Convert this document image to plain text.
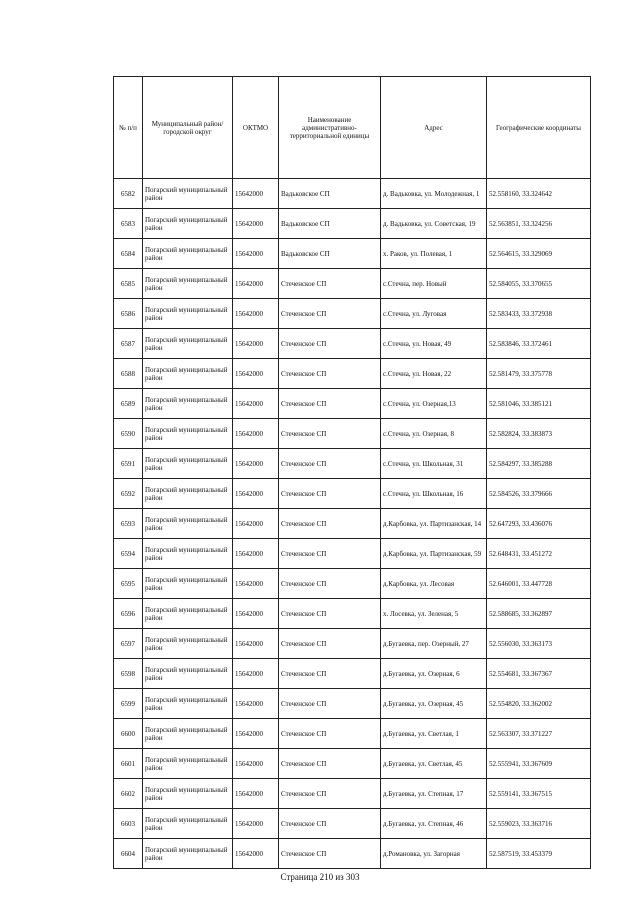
№ п/п	Муниципальный район/городской округ	ОКТМО	Наименование административно-территориальной единицы	Адрес	Географические координаты
6582	Погарский муниципальный район	15642000	Вадьковское СП	д. Вадьковка, ул. Молодежная, 1	52.558160, 33.324642
6583	Погарский муниципальный район	15642000	Вадьковское СП	д. Вадьковка, ул. Советская, 19	52.563851, 33.324256
6584	Погарский муниципальный район	15642000	Вадьковское СП	х. Раков, ул. Полевая, 1	52.564615, 33.329069
6585	Погарский муниципальный район	15642000	Стеченское СП	с.Стечна, пер. Новый	52.584055, 33.370655
6586	Погарский муниципальный район	15642000	Стеченское СП	с.Стечна, ул. Луговая	52.583433, 33.372938
6587	Погарский муниципальный район	15642000	Стеченское СП	с.Стечна, ул. Новая, 49	52.583846, 33.372461
6588	Погарский муниципальный район	15642000	Стеченское СП	с.Стечна, ул. Новая, 22	52.581479, 33.375778
6589	Погарский муниципальный район	15642000	Стеченское СП	с.Стечна, ул. Озерная,13	52.581046, 33.385121
6590	Погарский муниципальный район	15642000	Стеченское СП	с.Стечна, ул. Озерная, 8	52.582824, 33.383873
6591	Погарский муниципальный район	15642000	Стеченское СП	с.Стечна, ул. Школьная, 31	52.584297, 33.385288
6592	Погарский муниципальный район	15642000	Стеченское СП	с.Стечна, ул. Школьная, 16	52.584526, 33.379666
6593	Погарский муниципальный район	15642000	Стеченское СП	д.Карбовка, ул. Партизанская, 14	52.647293, 33.436076
6594	Погарский муниципальный район	15642000	Стеченское СП	д.Карбовка, ул. Партизанская, 59	52.648431, 33.451272
6595	Погарский муниципальный район	15642000	Стеченское СП	д.Карбовка, ул. Лесовая	52.646001, 33.447728
6596	Погарский муниципальный район	15642000	Стеченское СП	х. Лосевка, ул. Зеленая, 5	52.588685, 33.362897
6597	Погарский муниципальный район	15642000	Стеченское СП	д.Бугаевка, пер. Озерный, 27	52.556030, 33.363173
6598	Погарский муниципальный район	15642000	Стеченское СП	д.Бугаевка, ул. Озерная, 6	52.554681, 33.367367
6599	Погарский муниципальный район	15642000	Стеченское СП	д.Бугаевка, ул. Озерная, 45	52.554820, 33.362002
6600	Погарский муниципальный район	15642000	Стеченское СП	д.Бугаевка, ул. Светлая, 1	52.563307, 33.371227
6601	Погарский муниципальный район	15642000	Стеченское СП	д.Бугаевка, ул. Светлая, 45	52.555941, 33.367609
6602	Погарский муниципальный район	15642000	Стеченское СП	д.Бугаевка, ул. Степная, 17	52.559141, 33.367515
6603	Погарский муниципальный район	15642000	Стеченское СП	д.Бугаевка, ул. Степная, 46	52.559023, 33.363716
6604	Погарский муниципальный район	15642000	Стеченское СП	д.Романовка, ул. Загорная	52.587519, 33.453379
Страница 210 из 303
